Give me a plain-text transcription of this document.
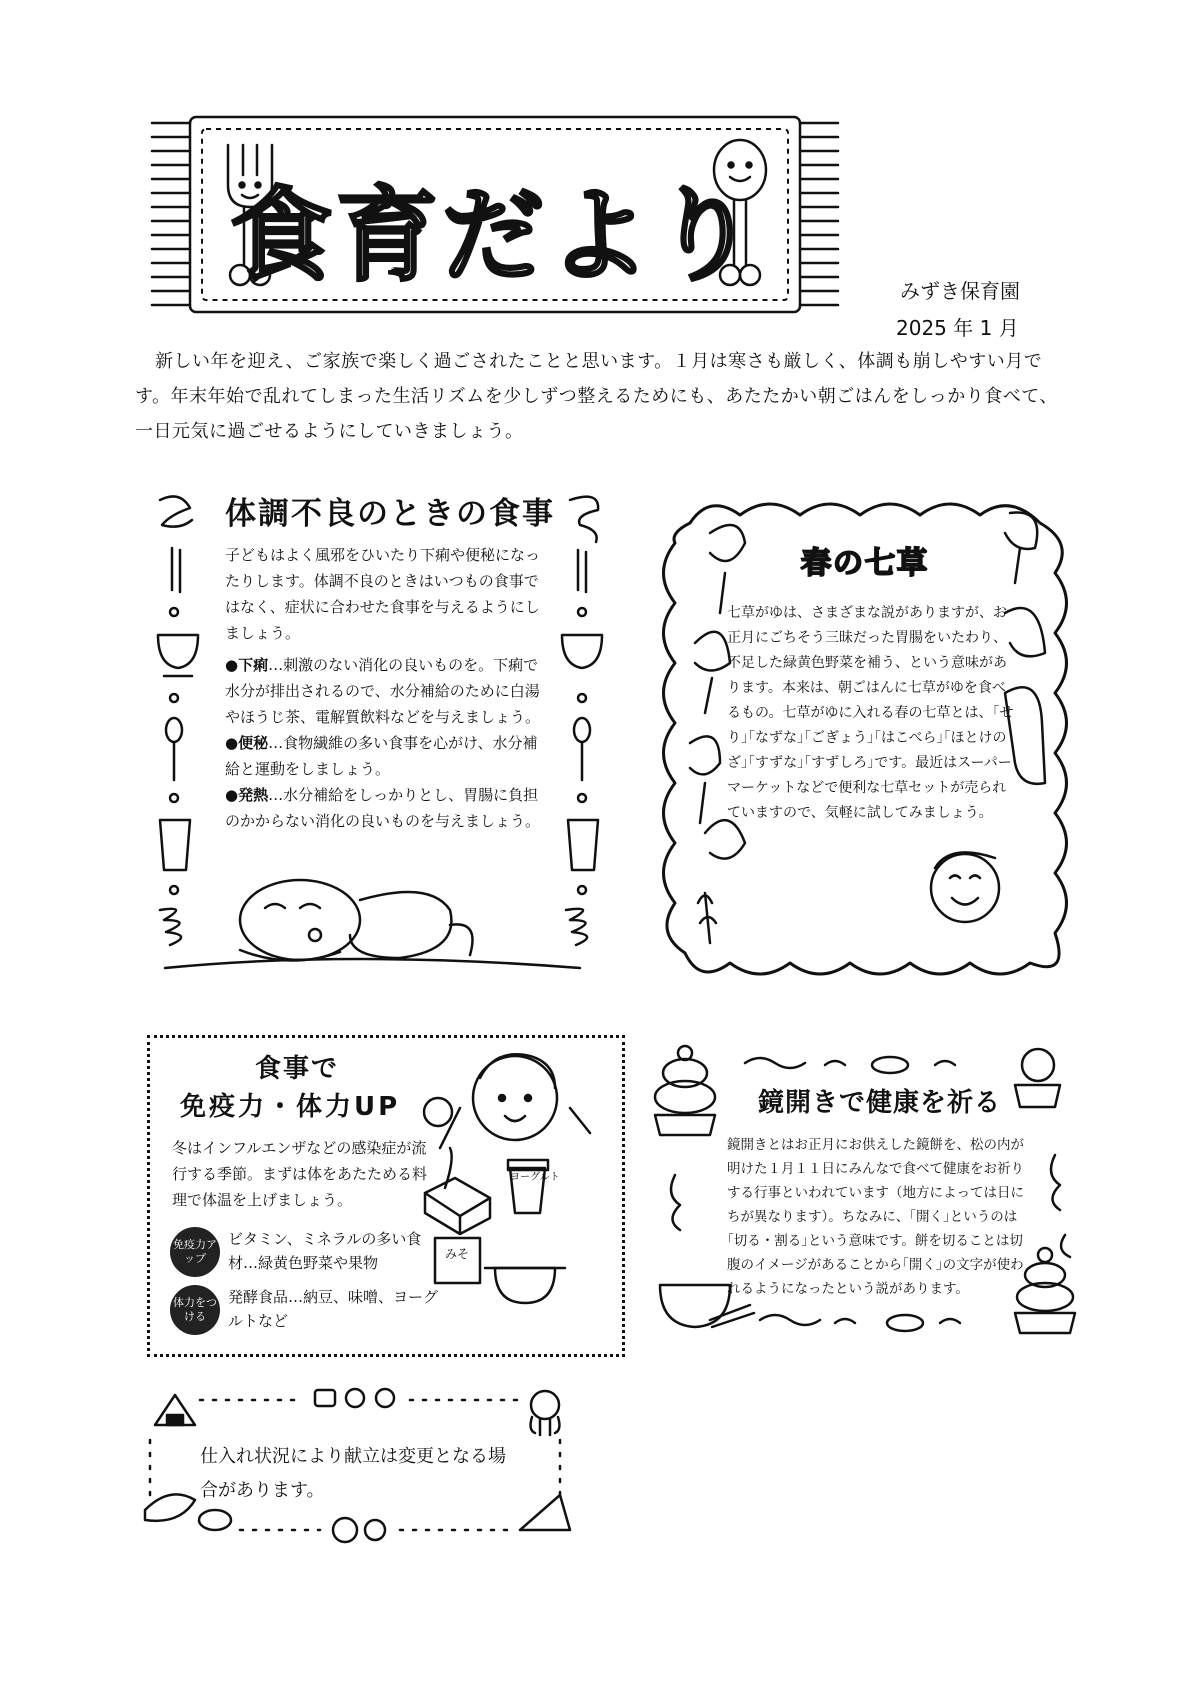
食育だより	みずき保育園
2025 年 1 月
新しい年を迎え、ご家族で楽しく過ごされたことと思います。１月は寒さも厳しく、体調も崩しやすい月です。年末年始で乱れてしまった生活リズムを少しずつ整えるためにも、あたたかい朝ごはんをしっかり食べて、一日元気に過ごせるようにしていきましょう。
体調不良のときの食事

子どもはよく風邪をひいたり下痢や便秘になったりします。体調不良のときはいつもの食事ではなく、症状に合わせた食事を与えるようにしましょう。

●下痢…刺激のない消化の良いものを。下痢で水分が排出されるので、水分補給のために白湯やほうじ茶、電解質飲料などを与えましょう。

●便秘…食物繊維の多い食事を心がけ、水分補給と運動をしましょう。

●発熱…水分補給をしっかりとし、胃腸に負担のかからない消化の良いものを与えましょう。

春の七草
七草がゆは、さまざまな説がありますが、お正月にごちそう三昧だった胃腸をいたわり、不足した緑黄色野菜を補う、という意味があります。本来は、朝ごはんに七草がゆを食べるもの。七草がゆに入れる春の七草とは、｢せり｣｢なずな｣｢ごぎょう｣｢はこべら｣｢ほとけのざ｣｢すずな｣｢すずしろ｣です。最近はスーパーマーケットなどで便利な七草セットが売られていますので、気軽に試してみましょう。
食事で
免疫力・体力UP
冬はインフルエンザなどの感染症が流行する季節。まずは体をあたためる料理で体温を上げましょう。
免疫力アップ
ビタミン、ミネラルの多い食材…緑黄色野菜や果物
体力をつける
発酵食品…納豆、味噌、ヨーグルトなど
ヨーグルト
みそ
鏡開きで健康を祈る
鏡開きとはお正月にお供えした鏡餅を、松の内が明けた１月１１日にみんなで食べて健康をお祈りする行事といわれています（地方によっては日にちが異なります）。ちなみに、｢開く｣というのは｢切る・割る｣という意味です。餅を切ることは切腹のイメージがあることから｢開く｣の文字が使われるようになったという説があります。
仕入れ状況により献立は変更となる場合があります。
